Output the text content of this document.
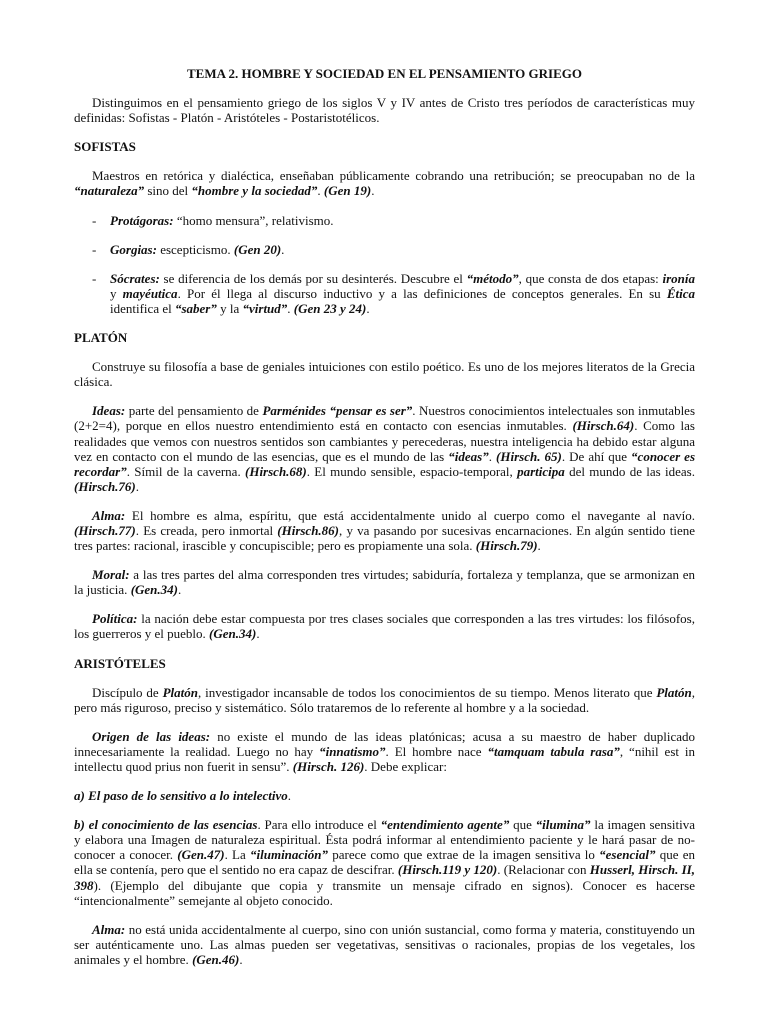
TEMA 2. HOMBRE Y SOCIEDAD EN EL PENSAMIENTO GRIEGO

Distinguimos en el pensamiento griego de los siglos V y IV antes de Cristo tres períodos de características muy definidas: Sofistas - Platón - Aristóteles - Postaristotélicos.

SOFISTAS

Maestros en retórica y dialéctica, enseñaban públicamente cobrando una retribución; se preocupaban no de la “naturaleza” sino del “hombre y la sociedad”. (Gen 19).

-	Protágoras: “homo mensura”, relativismo.
-	Gorgias: escepticismo. (Gen 20).
-	Sócrates: se diferencia de los demás por su desinterés. Descubre el “método”, que consta de dos etapas: ironía y mayéutica. Por él llega al discurso inductivo y a las definiciones de conceptos generales. En su Ética identifica el “saber” y la “virtud”. (Gen 23 y 24).

PLATÓN

Construye su filosofía a base de geniales intuiciones con estilo poético. Es uno de los mejores literatos de la Grecia clásica.

Ideas: parte del pensamiento de Parménides “pensar es ser”. Nuestros conocimientos intelectuales son inmutables (2+2=4), porque en ellos nuestro entendimiento está en contacto con esencias inmutables. (Hirsch.64). Como las realidades que vemos con nuestros sentidos son cambiantes y perecederas, nuestra inteligencia ha debido estar alguna vez en contacto con el mundo de las esencias, que es el mundo de las “ideas”. (Hirsch. 65). De ahí que “conocer es recordar”. Símil de la caverna. (Hirsch.68). El mundo sensible, espacio-temporal, participa del mundo de las ideas. (Hirsch.76).

Alma: El hombre es alma, espíritu, que está accidentalmente unido al cuerpo como el navegante al navío. (Hirsch.77). Es creada, pero inmortal (Hirsch.86), y va pasando por sucesivas encarnaciones. En algún sentido tiene tres partes: racional, irascible y concupiscible; pero es propiamente una sola. (Hirsch.79).

Moral: a las tres partes del alma corresponden tres virtudes; sabiduría, fortaleza y templanza, que se armonizan en la justicia. (Gen.34).

Política: la nación debe estar compuesta por tres clases sociales que corresponden a las tres virtudes: los filósofos, los guerreros y el pueblo. (Gen.34).

ARISTÓTELES

Discípulo de Platón, investigador incansable de todos los conocimientos de su tiempo. Menos literato que Platón, pero más riguroso, preciso y sistemático. Sólo trataremos de lo referente al hombre y a la sociedad.

Origen de las ideas: no existe el mundo de las ideas platónicas; acusa a su maestro de haber duplicado innecesariamente la realidad. Luego no hay “innatismo”. El hombre nace “tamquam tabula rasa”, “nihil est in intellectu quod prius non fuerit in sensu”. (Hirsch. 126). Debe explicar:

a) El paso de lo sensitivo a lo intelectivo.

b) el conocimiento de las esencias. Para ello introduce el “entendimiento agente” que “ilumina” la imagen sensitiva y elabora una Imagen de naturaleza espiritual. Ésta podrá informar al entendimiento paciente y le hará pasar de no-conocer a conocer. (Gen.47). La “iluminación” parece como que extrae de la imagen sensitiva lo “esencial” que en ella se contenía, pero que el sentido no era capaz de descifrar. (Hirsch.119 y 120). (Relacionar con Husserl, Hirsch. II, 398). (Ejemplo del dibujante que copia y transmite un mensaje cifrado en signos). Conocer es hacerse “intencionalmente” semejante al objeto conocido.

Alma: no está unida accidentalmente al cuerpo, sino con unión sustancial, como forma y materia, constituyendo un ser auténticamente uno. Las almas pueden ser vegetativas, sensitivas o racionales, propias de los vegetales, los animales y el hombre. (Gen.46).
